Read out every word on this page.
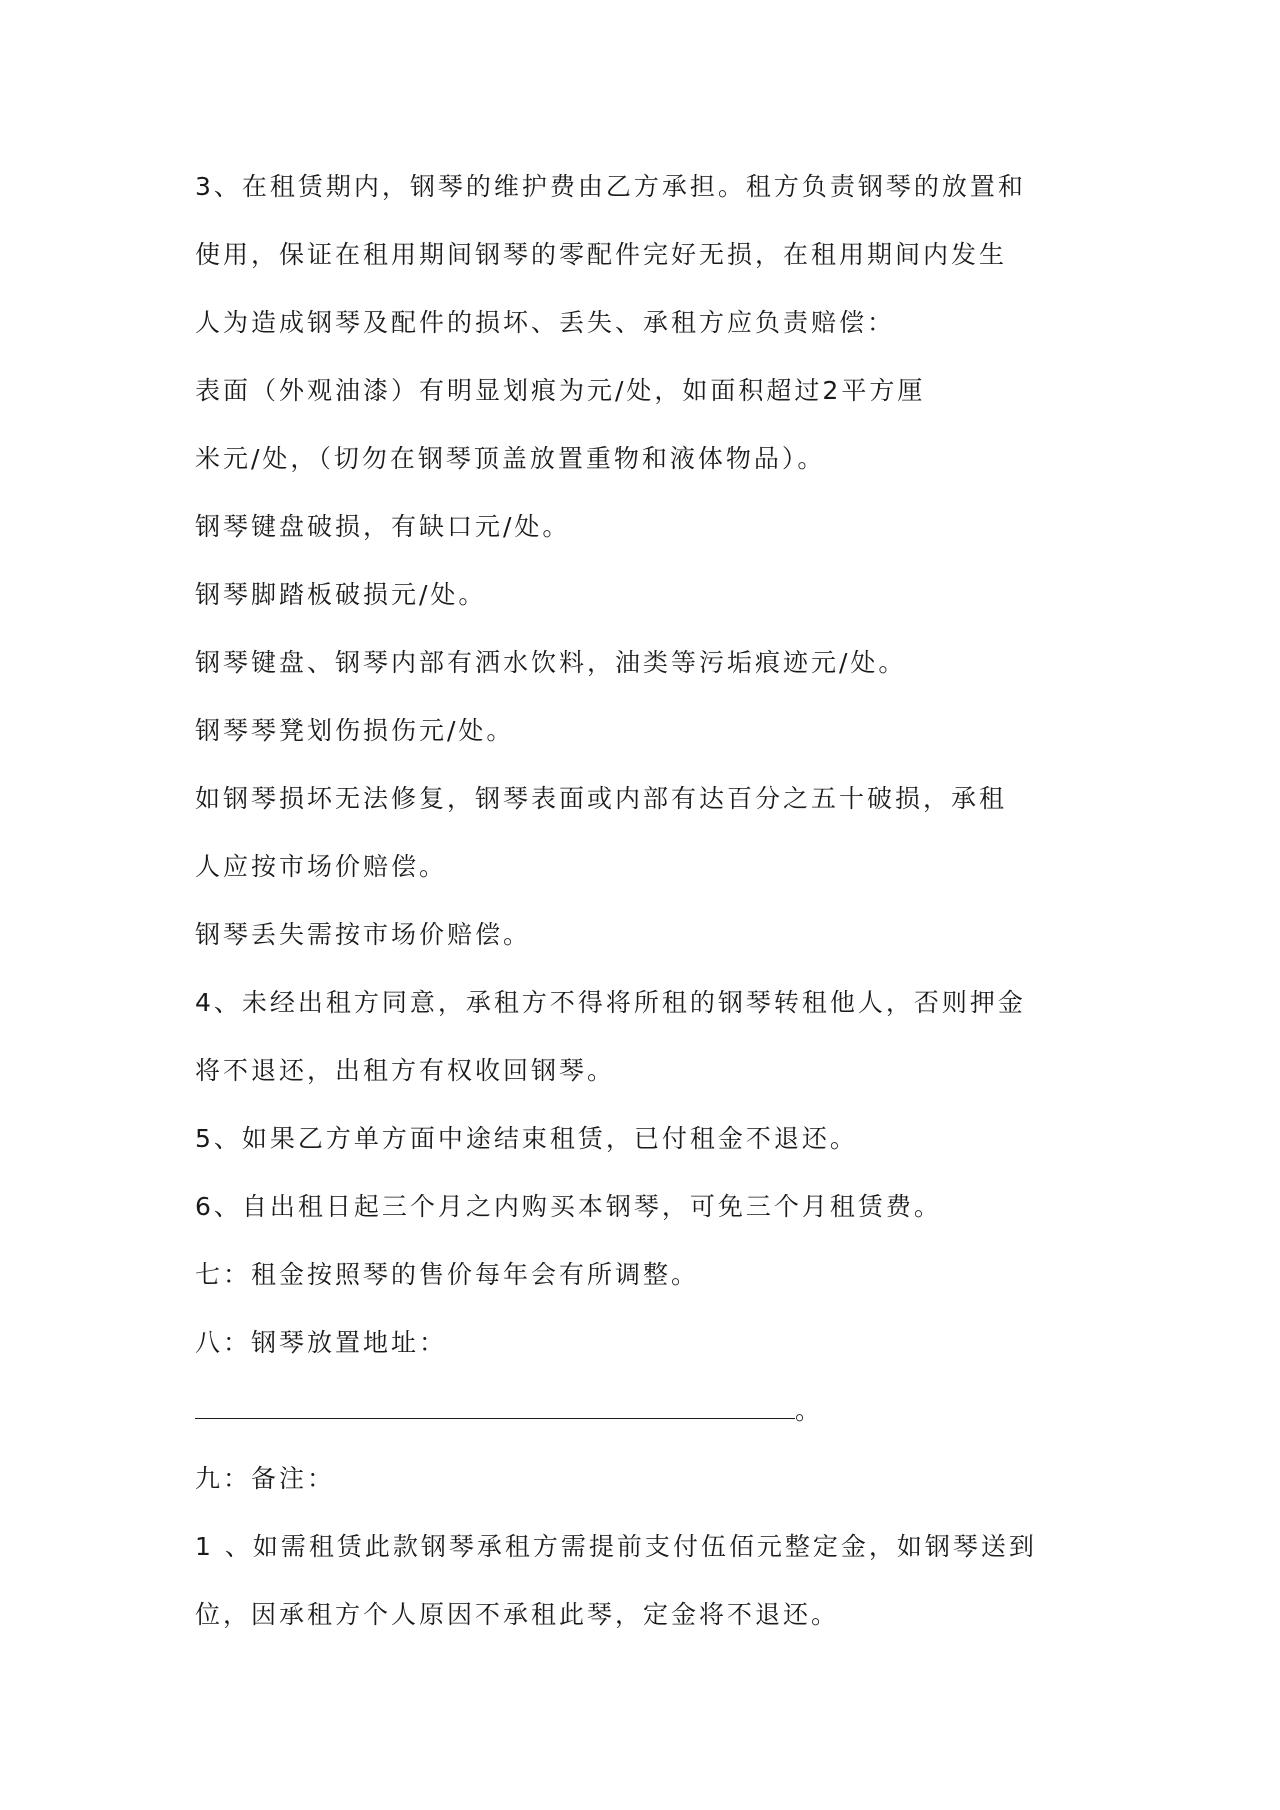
3、在租赁期内，钢琴的维护费由乙方承担。租方负责钢琴的放置和
使用，保证在租用期间钢琴的零配件完好无损，在租用期间内发生
人为造成钢琴及配件的损坏、丢失、承租方应负责赔偿：
表面（外观油漆）有明显划痕为元/处，如面积超过2平方厘
米元/处，（切勿在钢琴顶盖放置重物和液体物品）。
钢琴键盘破损，有缺口元/处。
钢琴脚踏板破损元/处。
钢琴键盘、钢琴内部有洒水饮料，油类等污垢痕迹元/处。
钢琴琴凳划伤损伤元/处。
如钢琴损坏无法修复，钢琴表面或内部有达百分之五十破损，承租
人应按市场价赔偿。
钢琴丢失需按市场价赔偿。
4、未经出租方同意，承租方不得将所租的钢琴转租他人，否则押金
将不退还，出租方有权收回钢琴。
5、如果乙方单方面中途结束租赁，已付租金不退还。
6、自出租日起三个月之内购买本钢琴，可免三个月租赁费。
七：租金按照琴的售价每年会有所调整。
八：钢琴放置地址：
。
九：备注：
1 、如需租赁此款钢琴承租方需提前支付伍佰元整定金，如钢琴送到
位，因承租方个人原因不承租此琴，定金将不退还。
